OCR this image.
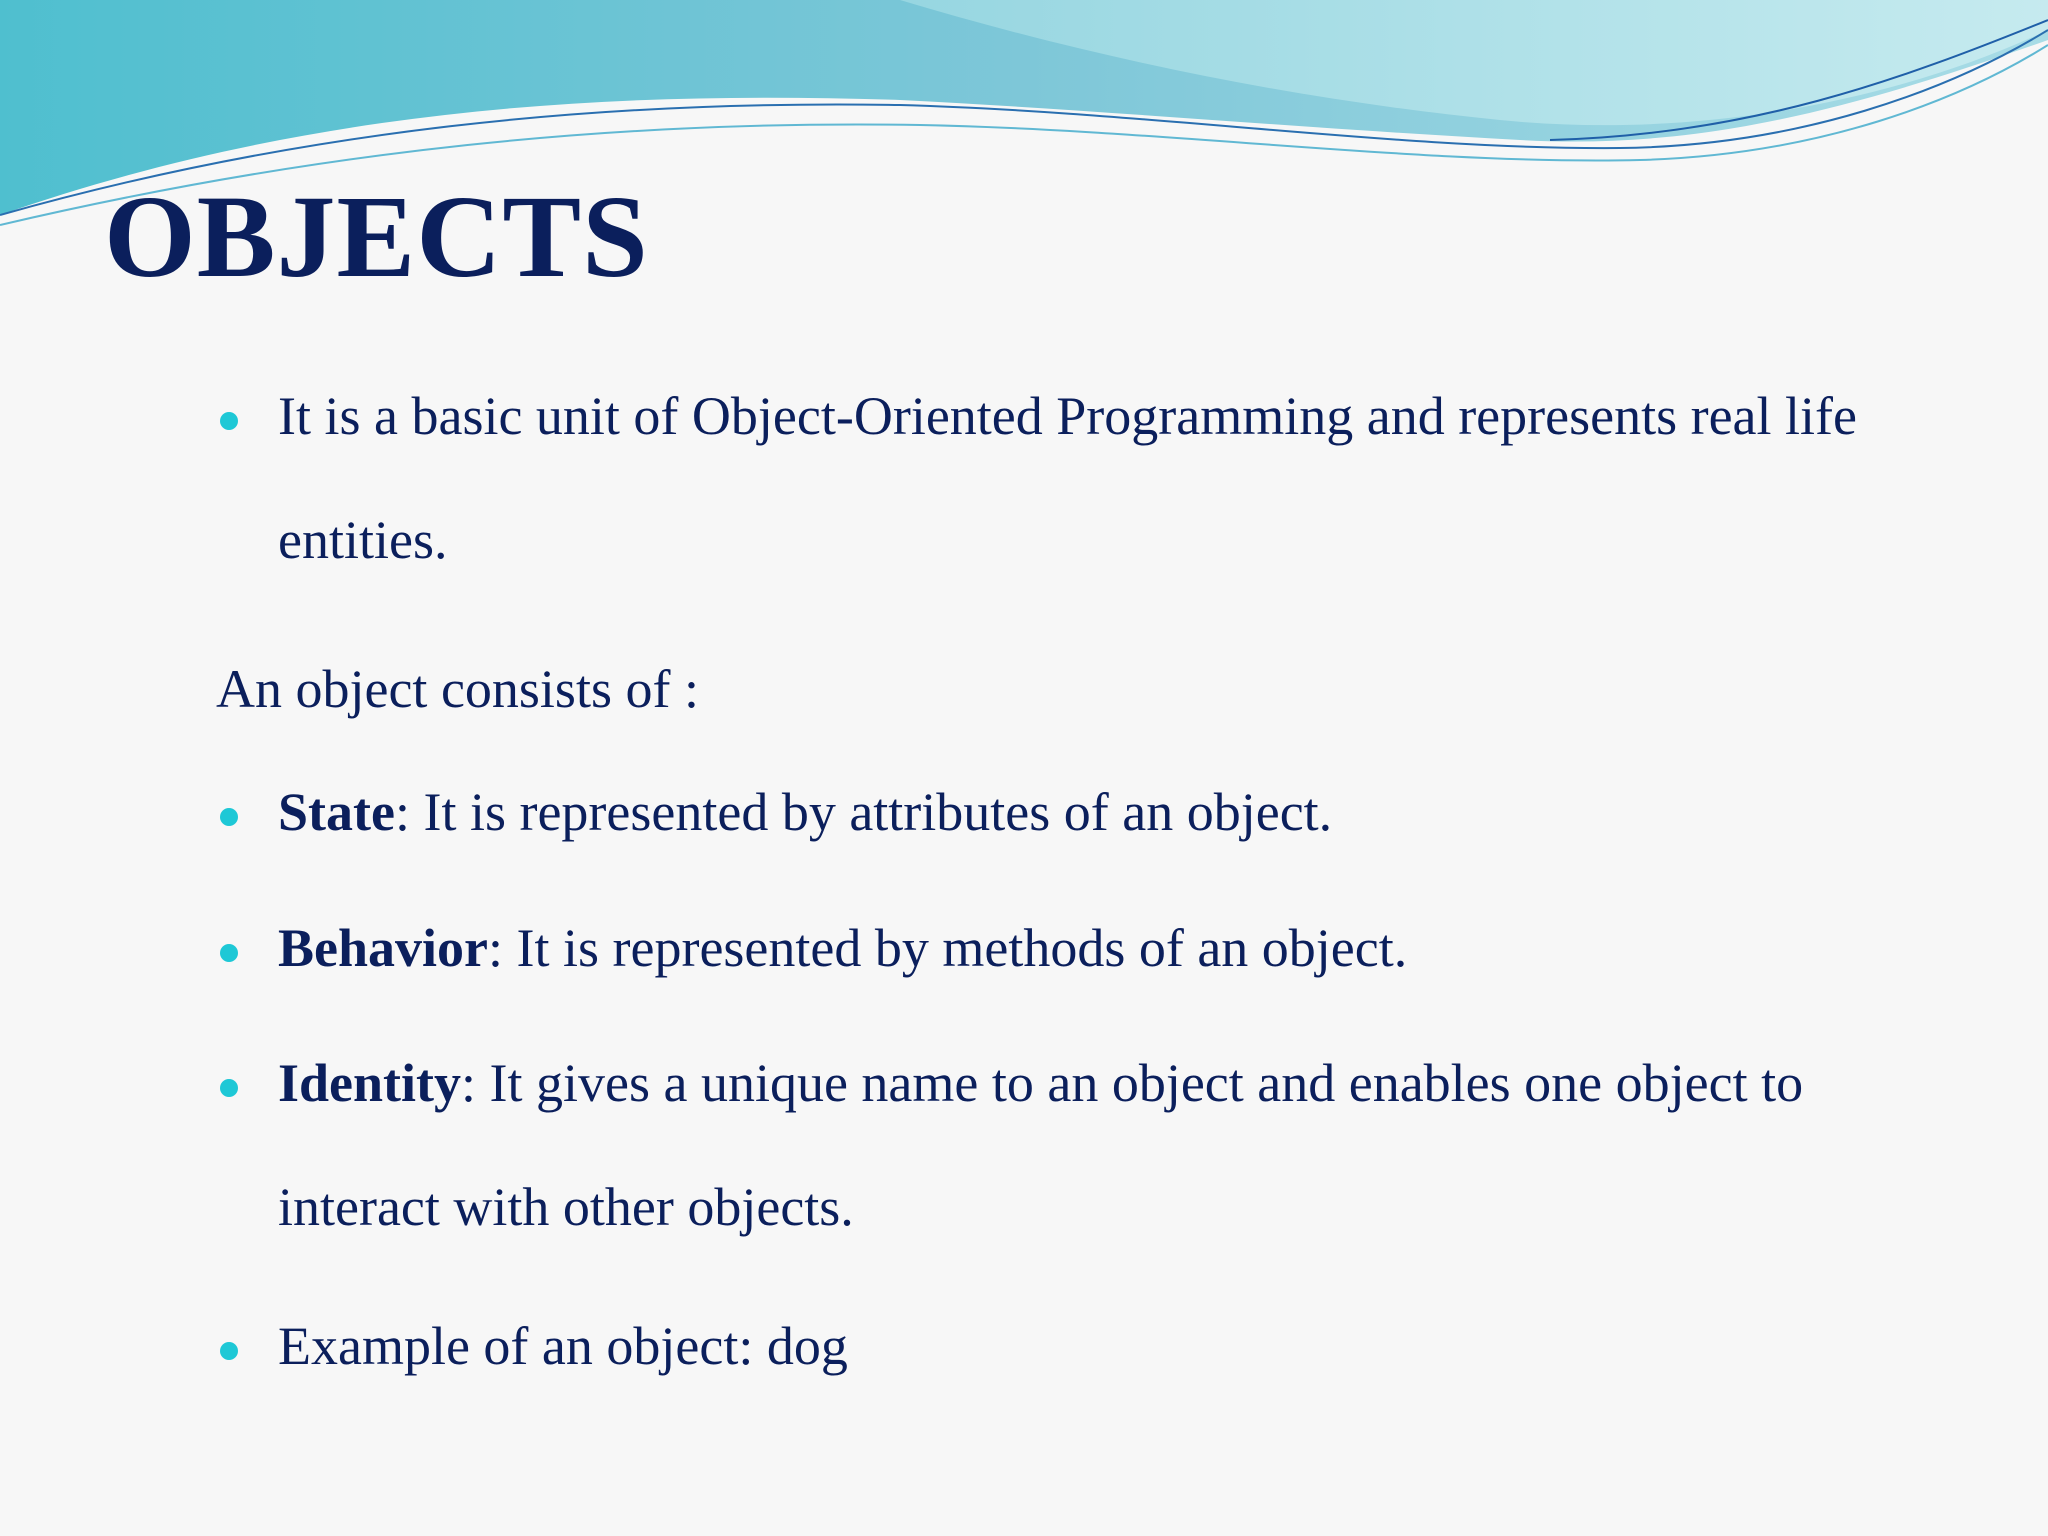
OBJECTS
It is a basic unit of Object-Oriented Programming and represents real life entities.
An object consists of :
State: It is represented by attributes of an object.
Behavior: It is represented by methods of an object.
Identity: It gives a unique name to an object and enables one object to interact with other objects.
Example of an object: dog
